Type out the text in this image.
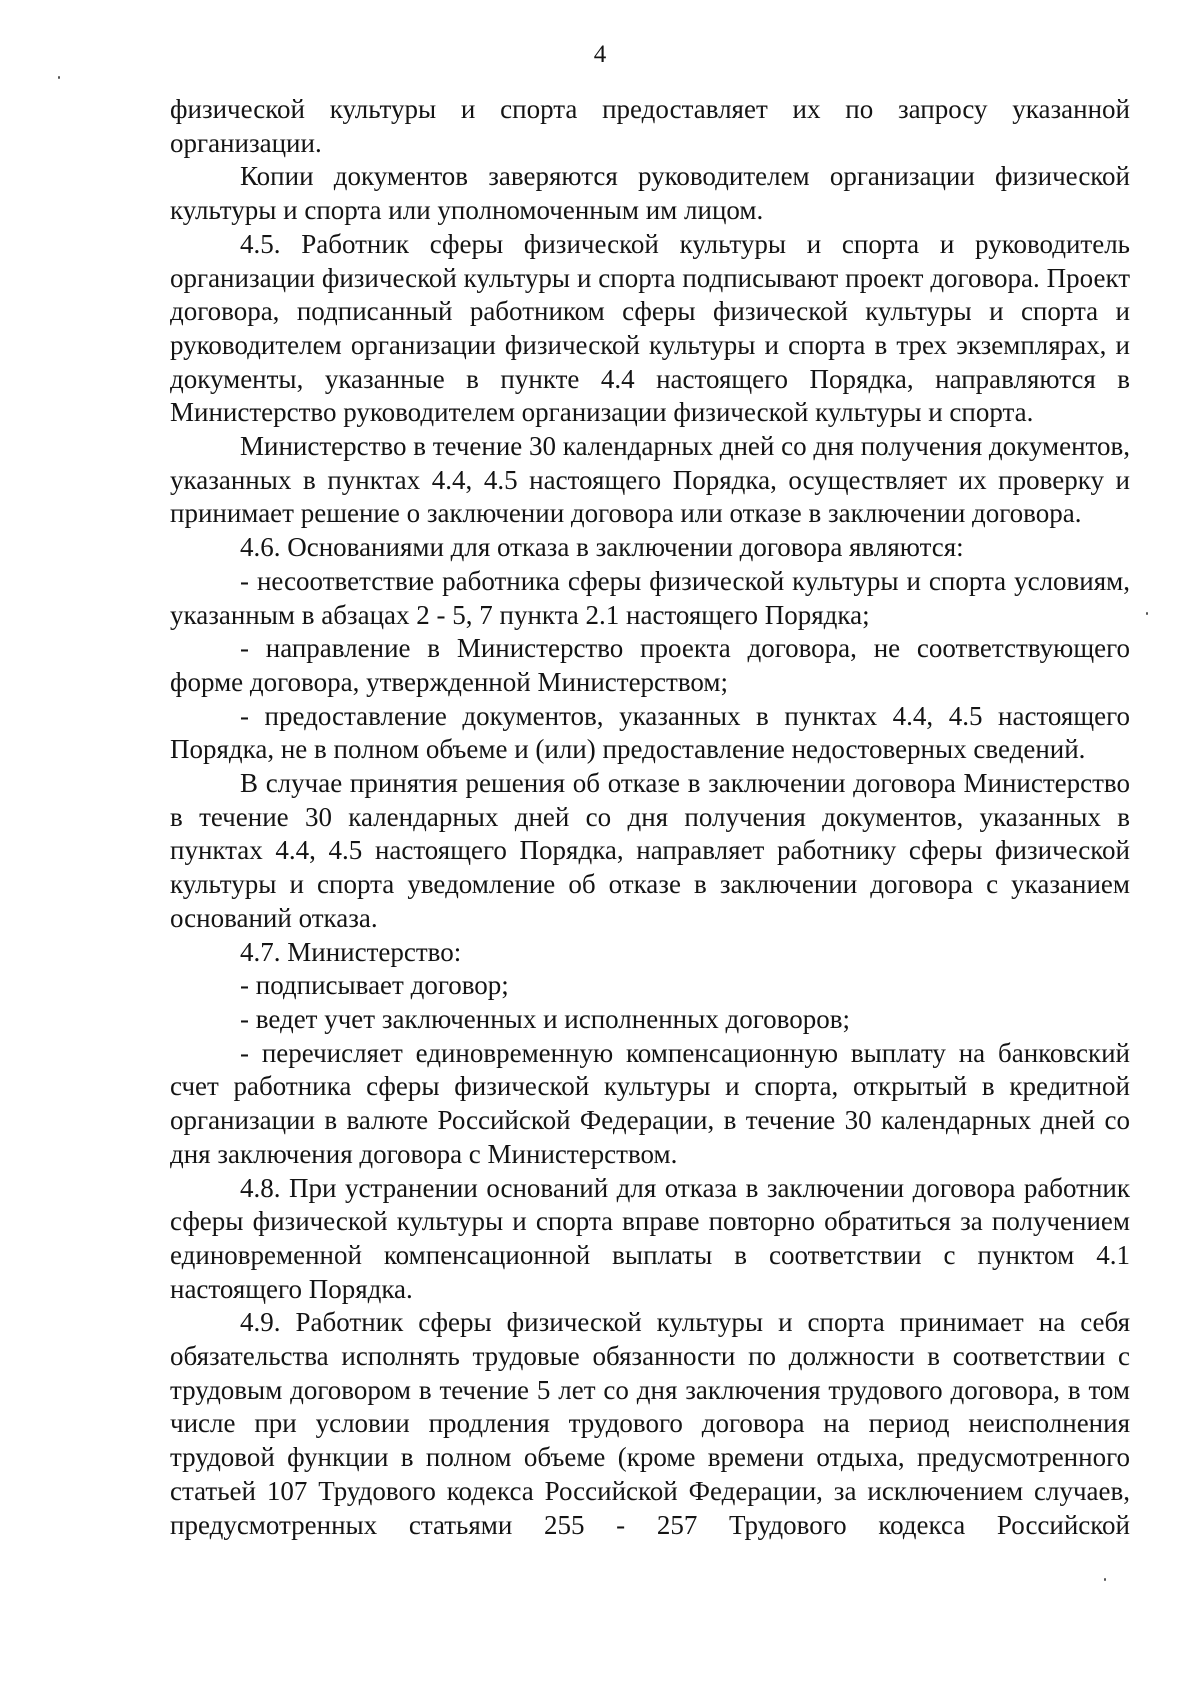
4

физической культуры и спорта предоставляет их по запросу указанной организации.

Копии документов заверяются руководителем организации физической культуры и спорта или уполномоченным им лицом.

4.5. Работник сферы физической культуры и спорта и руководитель организации физической культуры и спорта подписывают проект договора. Проект договора, подписанный работником сферы физической культуры и спорта и руководителем организации физической культуры и спорта в трех экземплярах, и документы, указанные в пункте 4.4 настоящего Порядка, направляются в Министерство руководителем организации физической культуры и спорта.

Министерство в течение 30 календарных дней со дня получения документов, указанных в пунктах 4.4, 4.5 настоящего Порядка, осуществляет их проверку и принимает решение о заключении договора или отказе в заключении договора.

4.6. Основаниями для отказа в заключении договора являются:

- несоответствие работника сферы физической культуры и спорта условиям, указанным в абзацах 2 - 5, 7 пункта 2.1 настоящего Порядка;

- направление в Министерство проекта договора, не соответствующего форме договора, утвержденной Министерством;

- предоставление документов, указанных в пунктах 4.4, 4.5 настоящего Порядка, не в полном объеме и (или) предоставление недостоверных сведений.

В случае принятия решения об отказе в заключении договора Министерство в течение 30 календарных дней со дня получения документов, указанных в пунктах 4.4, 4.5 настоящего Порядка, направляет работнику сферы физической культуры и спорта уведомление об отказе в заключении договора с указанием оснований отказа.

4.7. Министерство:

- подписывает договор;

- ведет учет заключенных и исполненных договоров;

- перечисляет единовременную компенсационную выплату на банковский счет работника сферы физической культуры и спорта, открытый в кредитной организации в валюте Российской Федерации, в течение 30 календарных дней со дня заключения договора с Министерством.

4.8. При устранении оснований для отказа в заключении договора работник сферы физической культуры и спорта вправе повторно обратиться за получением единовременной компенсационной выплаты в соответствии с пунктом 4.1 настоящего Порядка.

4.9. Работник сферы физической культуры и спорта принимает на себя обязательства исполнять трудовые обязанности по должности в соответствии с трудовым договором в течение 5 лет со дня заключения трудового договора, в том числе при условии продления трудового договора на период неисполнения трудовой функции в полном объеме (кроме времени отдыха, предусмотренного статьей 107 Трудового кодекса Российской Федерации, за исключением случаев, предусмотренных статьями 255 - 257 Трудового кодекса Российской
